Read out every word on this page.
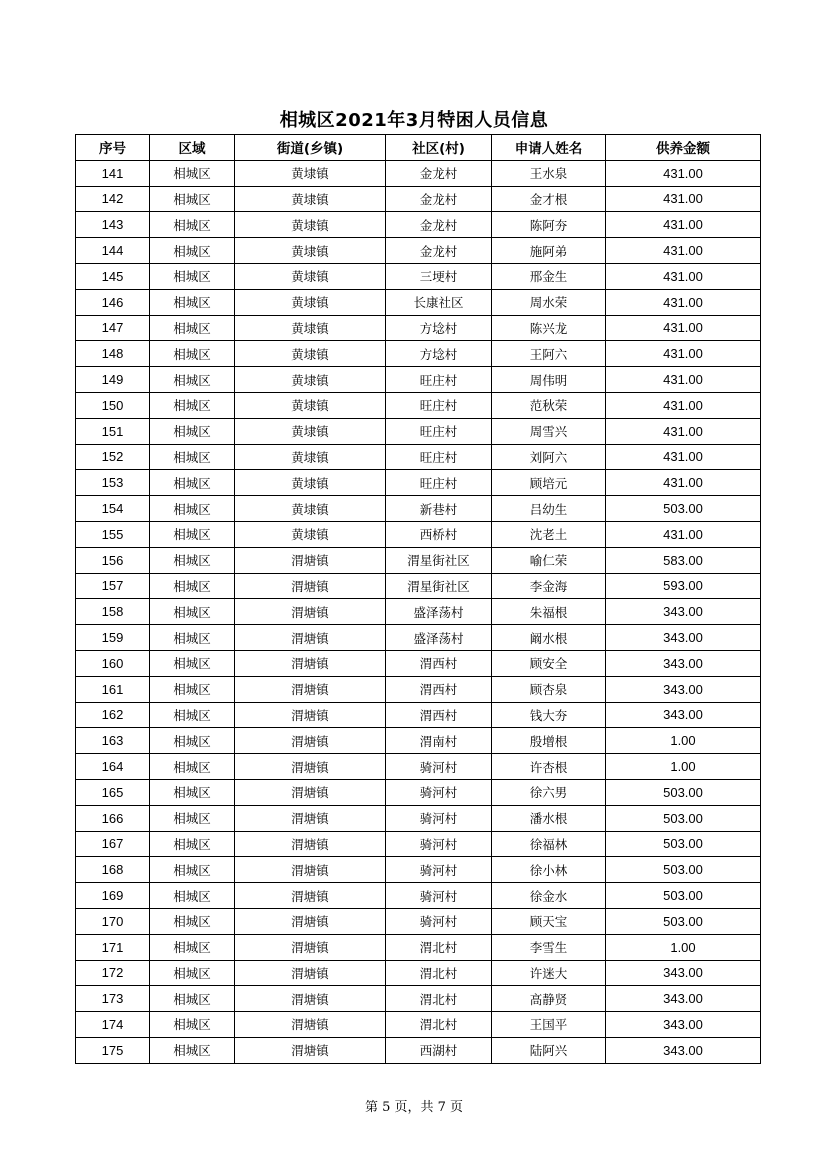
相城区2021年3月特困人员信息
序号	区域	街道(乡镇)	社区(村)	申请人姓名	供养金额
141	相城区	黄埭镇	金龙村	王水泉	431.00
142	相城区	黄埭镇	金龙村	金才根	431.00
143	相城区	黄埭镇	金龙村	陈阿夯	431.00
144	相城区	黄埭镇	金龙村	施阿弟	431.00
145	相城区	黄埭镇	三埂村	邢金生	431.00
146	相城区	黄埭镇	长康社区	周水荣	431.00
147	相城区	黄埭镇	方埝村	陈兴龙	431.00
148	相城区	黄埭镇	方埝村	王阿六	431.00
149	相城区	黄埭镇	旺庄村	周伟明	431.00
150	相城区	黄埭镇	旺庄村	范秋荣	431.00
151	相城区	黄埭镇	旺庄村	周雪兴	431.00
152	相城区	黄埭镇	旺庄村	刘阿六	431.00
153	相城区	黄埭镇	旺庄村	顾培元	431.00
154	相城区	黄埭镇	新巷村	吕幼生	503.00
155	相城区	黄埭镇	西桥村	沈老土	431.00
156	相城区	渭塘镇	渭星街社区	喻仁荣	583.00
157	相城区	渭塘镇	渭星街社区	李金海	593.00
158	相城区	渭塘镇	盛泽荡村	朱福根	343.00
159	相城区	渭塘镇	盛泽荡村	阚水根	343.00
160	相城区	渭塘镇	渭西村	顾安全	343.00
161	相城区	渭塘镇	渭西村	顾杏泉	343.00
162	相城区	渭塘镇	渭西村	钱大夯	343.00
163	相城区	渭塘镇	渭南村	殷增根	1.00
164	相城区	渭塘镇	骑河村	许杏根	1.00
165	相城区	渭塘镇	骑河村	徐六男	503.00
166	相城区	渭塘镇	骑河村	潘水根	503.00
167	相城区	渭塘镇	骑河村	徐福林	503.00
168	相城区	渭塘镇	骑河村	徐小林	503.00
169	相城区	渭塘镇	骑河村	徐金水	503.00
170	相城区	渭塘镇	骑河村	顾天宝	503.00
171	相城区	渭塘镇	渭北村	李雪生	1.00
172	相城区	渭塘镇	渭北村	许迷大	343.00
173	相城区	渭塘镇	渭北村	高静贤	343.00
174	相城区	渭塘镇	渭北村	王国平	343.00
175	相城区	渭塘镇	西湖村	陆阿兴	343.00
第 5 页，共 7 页
